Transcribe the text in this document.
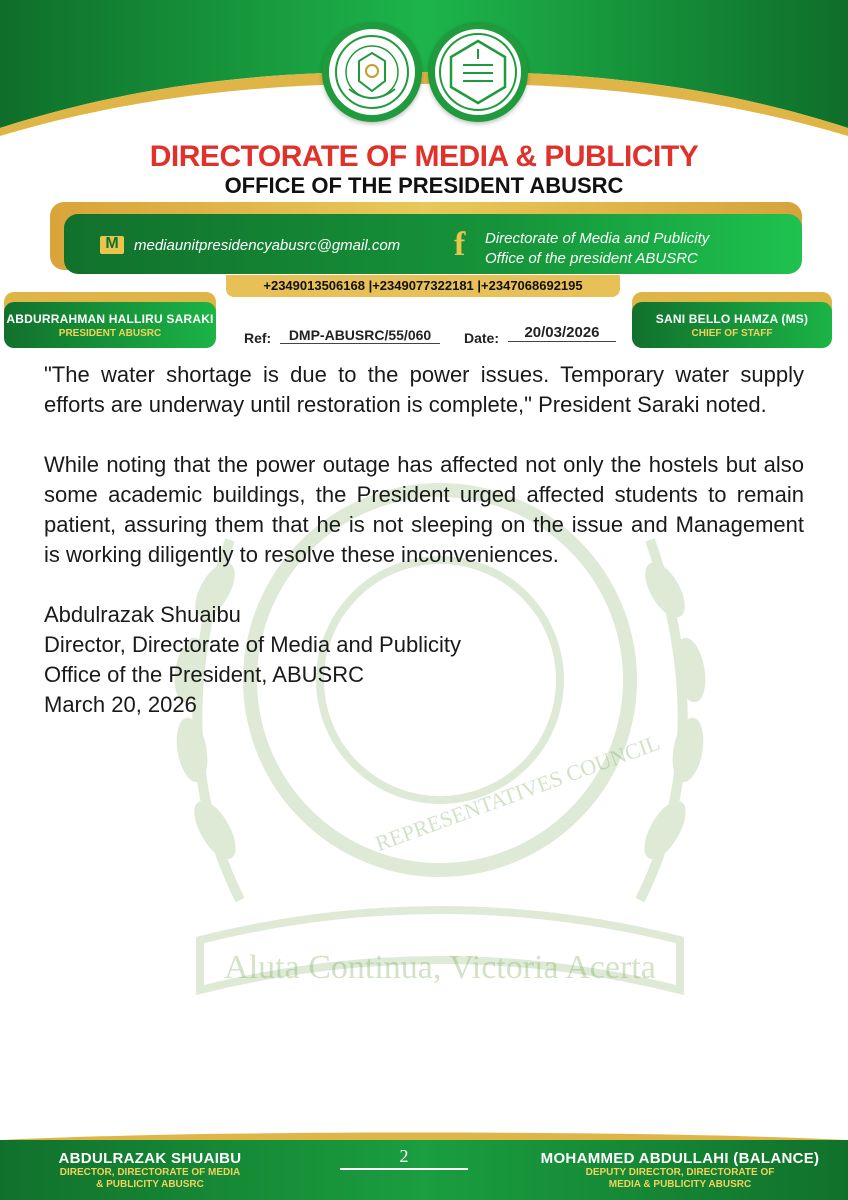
DIRECTORATE OF MEDIA & PUBLICITY
OFFICE OF THE PRESIDENT ABUSRC
M
mediaunitpresidencyabusrc@gmail.com f Directorate of Media and Publicity
Office of the president ABUSRC
+2349013506168 |+2349077322181 |+2347068692195
ABDURRAHMAN HALLIRU SARAKI
PRESIDENT ABUSRC
SANI BELLO HAMZA (MS)
CHIEF OF STAFF
Ref:	DMP-ABUSRC/55/060	Date:	20/03/2026
Aluta Continua, Victoria Acerta
REPRESENTATIVES COUNCIL

"The water shortage is due to the power issues. Temporary water supply efforts are underway until restoration is complete," President Saraki noted.

While noting that the power outage has affected not only the hostels but also some academic buildings, the President urged affected students to remain patient, assuring them that he is not sleeping on the issue and Management is working diligently to resolve these inconveniences.

Abdulrazak Shuaibu

Director, Directorate of Media and Publicity

Office of the President, ABUSRC

March 20, 2026

ABDULRAZAK SHUAIBU
DIRECTOR, DIRECTORATE OF MEDIA
& PUBLICITY ABUSRC
2	MOHAMMED ABDULLAHI (BALANCE)
DEPUTY DIRECTOR, DIRECTORATE OF
MEDIA & PUBLICITY ABUSRC
